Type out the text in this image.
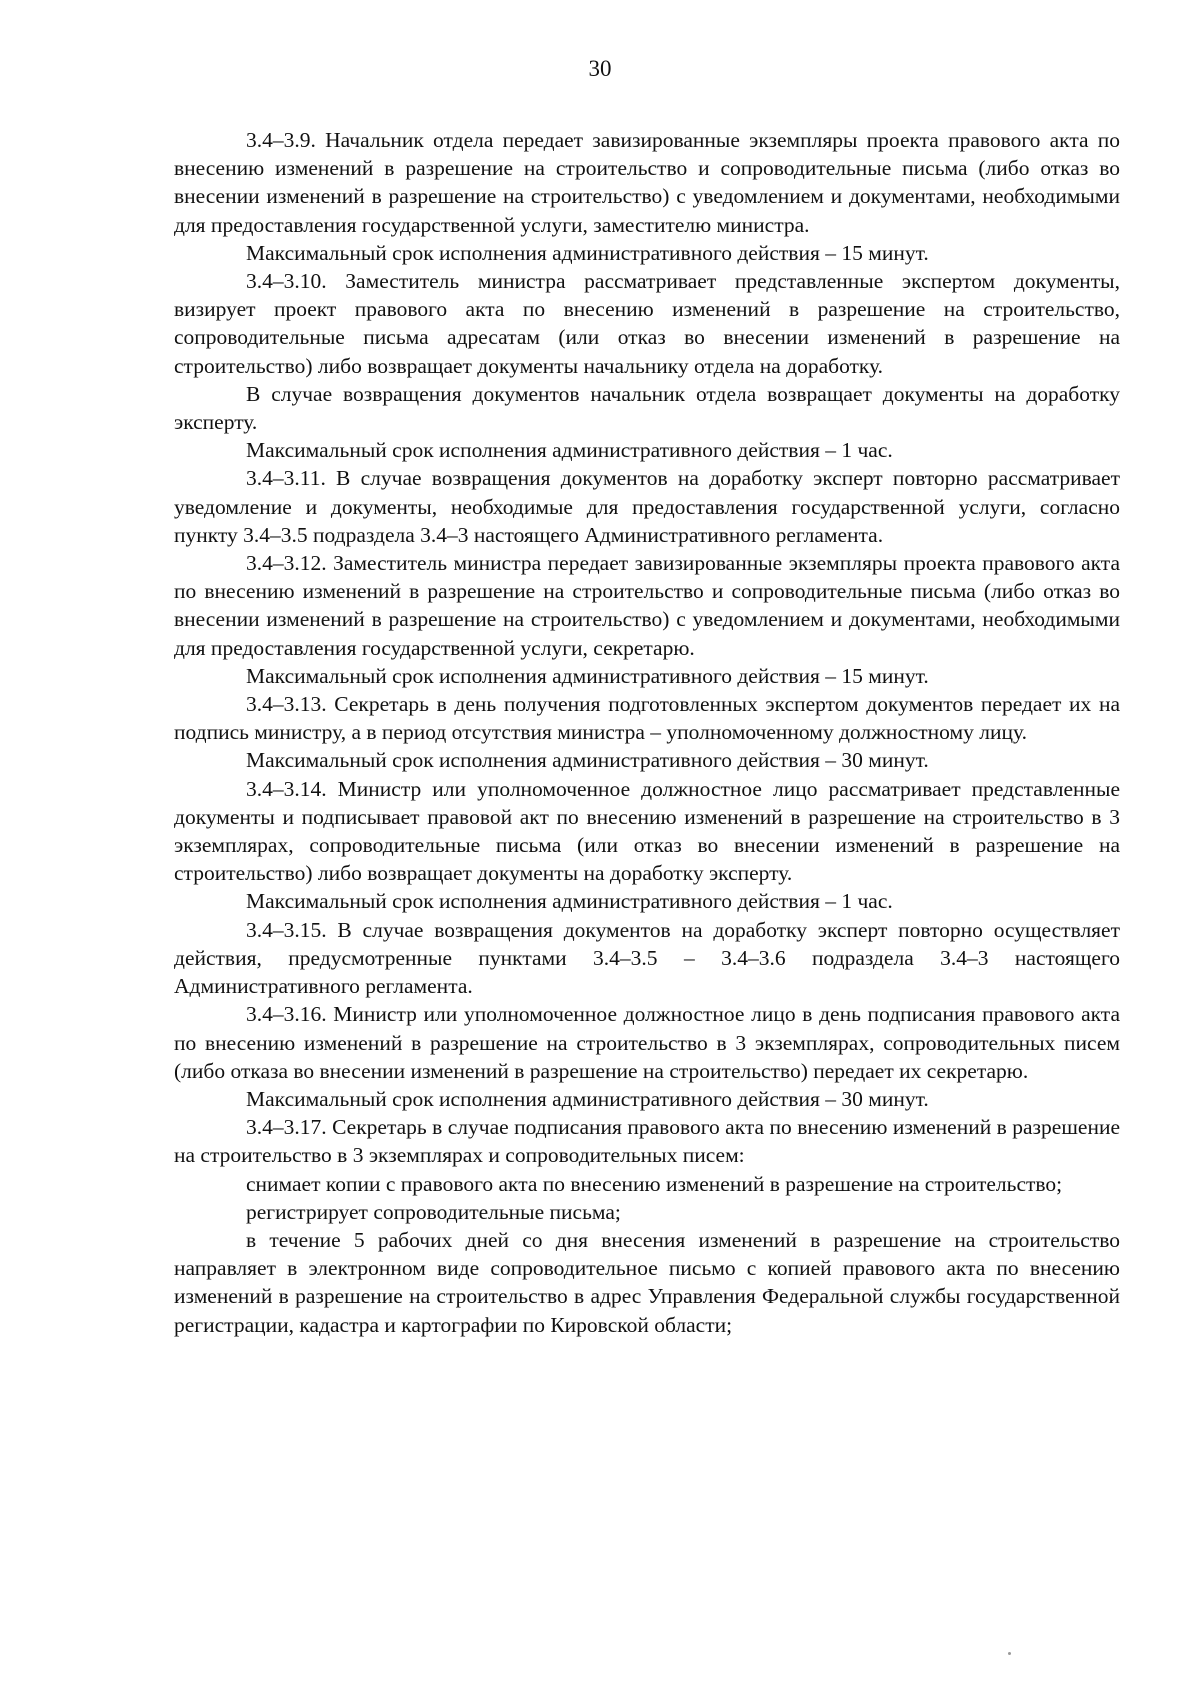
30

3.4–3.9. Начальник отдела передает завизированные экземпляры проекта правового акта по внесению изменений в разрешение на строительство и сопроводительные письма (либо отказ во внесении изменений в разрешение на строительство) с уведомлением и документами, необходимыми для предоставления государственной услуги, заместителю министра.

Максимальный срок исполнения административного действия – 15 минут.

3.4–3.10. Заместитель министра рассматривает представленные экспертом документы, визирует проект правового акта по внесению изменений в разрешение на строительство, сопроводительные письма адресатам (или отказ во внесении изменений в разрешение на строительство) либо возвращает документы начальнику отдела на доработку.

В случае возвращения документов начальник отдела возвращает документы на доработку эксперту.

Максимальный срок исполнения административного действия – 1 час.

3.4–3.11. В случае возвращения документов на доработку эксперт повторно рассматривает уведомление и документы, необходимые для предоставления государственной услуги, согласно пункту 3.4–3.5 подраздела 3.4–3 настоящего Административного регламента.

3.4–3.12. Заместитель министра передает завизированные экземпляры проекта правового акта по внесению изменений в разрешение на строительство и сопроводительные письма (либо отказ во внесении изменений в разрешение на строительство) с уведомлением и документами, необходимыми для предоставления государственной услуги, секретарю.

Максимальный срок исполнения административного действия – 15 минут.

3.4–3.13. Секретарь в день получения подготовленных экспертом документов передает их на подпись министру, а в период отсутствия министра – уполномоченному должностному лицу.

Максимальный срок исполнения административного действия – 30 минут.

3.4–3.14. Министр или уполномоченное должностное лицо рассматривает представленные документы и подписывает правовой акт по внесению изменений в разрешение на строительство в 3 экземплярах, сопроводительные письма (или отказ во внесении изменений в разрешение на строительство) либо возвращает документы на доработку эксперту.

Максимальный срок исполнения административного действия – 1 час.

3.4–3.15. В случае возвращения документов на доработку эксперт повторно осуществляет действия, предусмотренные пунктами 3.4–3.5 – 3.4–3.6 подраздела 3.4–3 настоящего Административного регламента.

3.4–3.16. Министр или уполномоченное должностное лицо в день подписания правового акта по внесению изменений в разрешение на строительство в 3 экземплярах, сопроводительных писем (либо отказа во внесении изменений в разрешение на строительство) передает их секретарю.

Максимальный срок исполнения административного действия – 30 минут.

3.4–3.17. Секретарь в случае подписания правового акта по внесению изменений в разрешение на строительство в 3 экземплярах и сопроводительных писем:

снимает копии с правового акта по внесению изменений в разрешение на строительство;

регистрирует сопроводительные письма;

в течение 5 рабочих дней со дня внесения изменений в разрешение на строительство направляет в электронном виде сопроводительное письмо с копией правового акта по внесению изменений в разрешение на строительство в адрес Управления Федеральной службы государственной регистрации, кадастра и картографии по Кировской области;
